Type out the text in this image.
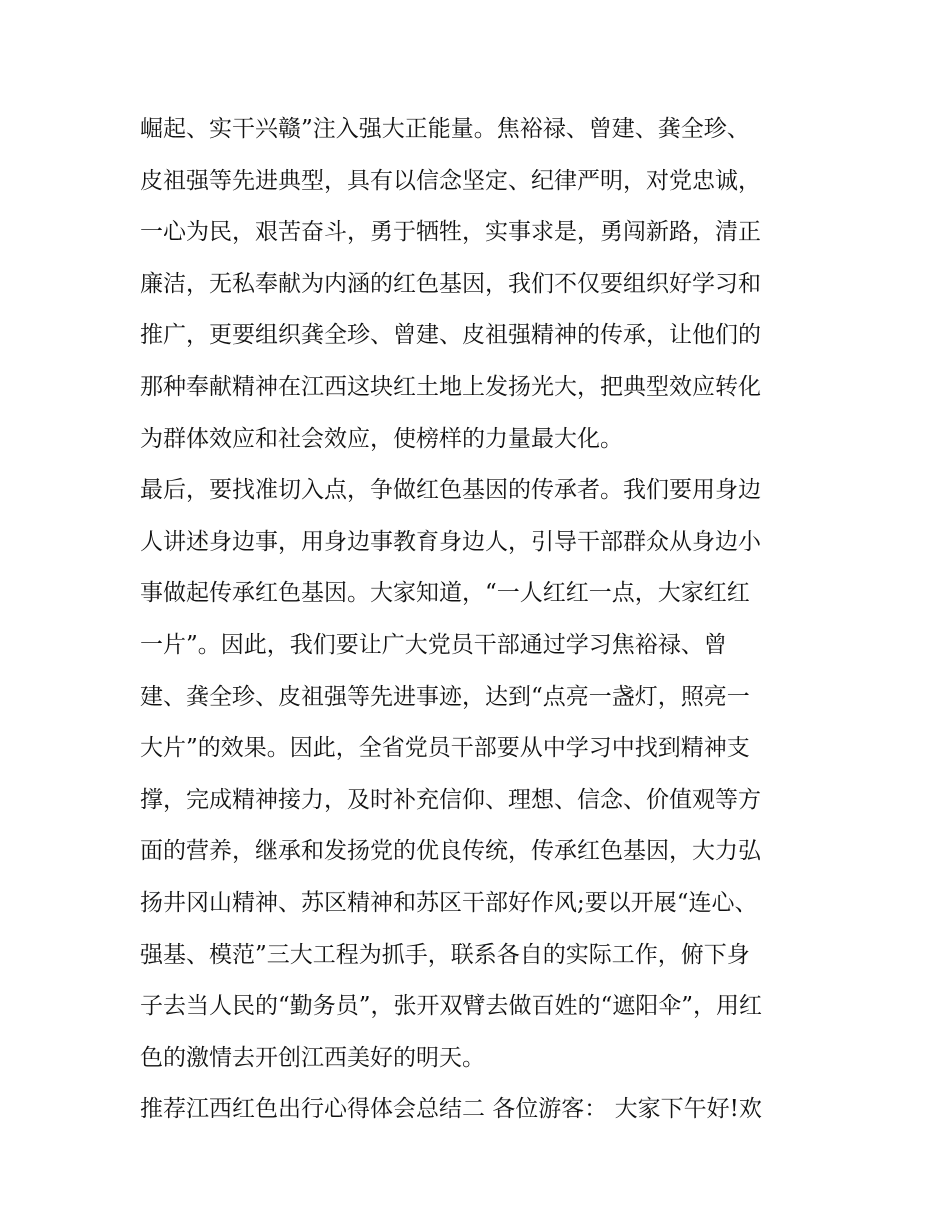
崛起、实干兴赣”注入强大正能量。焦裕禄、曾建、龚全珍、
皮祖强等先进典型，具有以信念坚定、纪律严明，对党忠诚，
一心为民，艰苦奋斗，勇于牺牲，实事求是，勇闯新路，清正
廉洁，无私奉献为内涵的红色基因，我们不仅要组织好学习和
推广，更要组织龚全珍、曾建、皮祖强精神的传承，让他们的
那种奉献精神在江西这块红土地上发扬光大，把典型效应转化
为群体效应和社会效应，使榜样的力量最大化。
最后，要找准切入点，争做红色基因的传承者。我们要用身边
人讲述身边事，用身边事教育身边人，引导干部群众从身边小
事做起传承红色基因。大家知道，“一人红红一点，大家红红
一片”。因此，我们要让广大党员干部通过学习焦裕禄、曾
建、龚全珍、皮祖强等先进事迹，达到“点亮一盏灯，照亮一
大片”的效果。因此，全省党员干部要从中学习中找到精神支
撑，完成精神接力，及时补充信仰、理想、信念、价值观等方
面的营养，继承和发扬党的优良传统，传承红色基因，大力弘
扬井冈山精神、苏区精神和苏区干部好作风;要以开展“连心、
强基、模范”三大工程为抓手，联系各自的实际工作，俯下身
子去当人民的“勤务员”，张开双臂去做百姓的“遮阳伞”，用红
色的激情去开创江西美好的明天。
推荐江西红色出行心得体会总结二 各位游客： 大家下午好!欢
